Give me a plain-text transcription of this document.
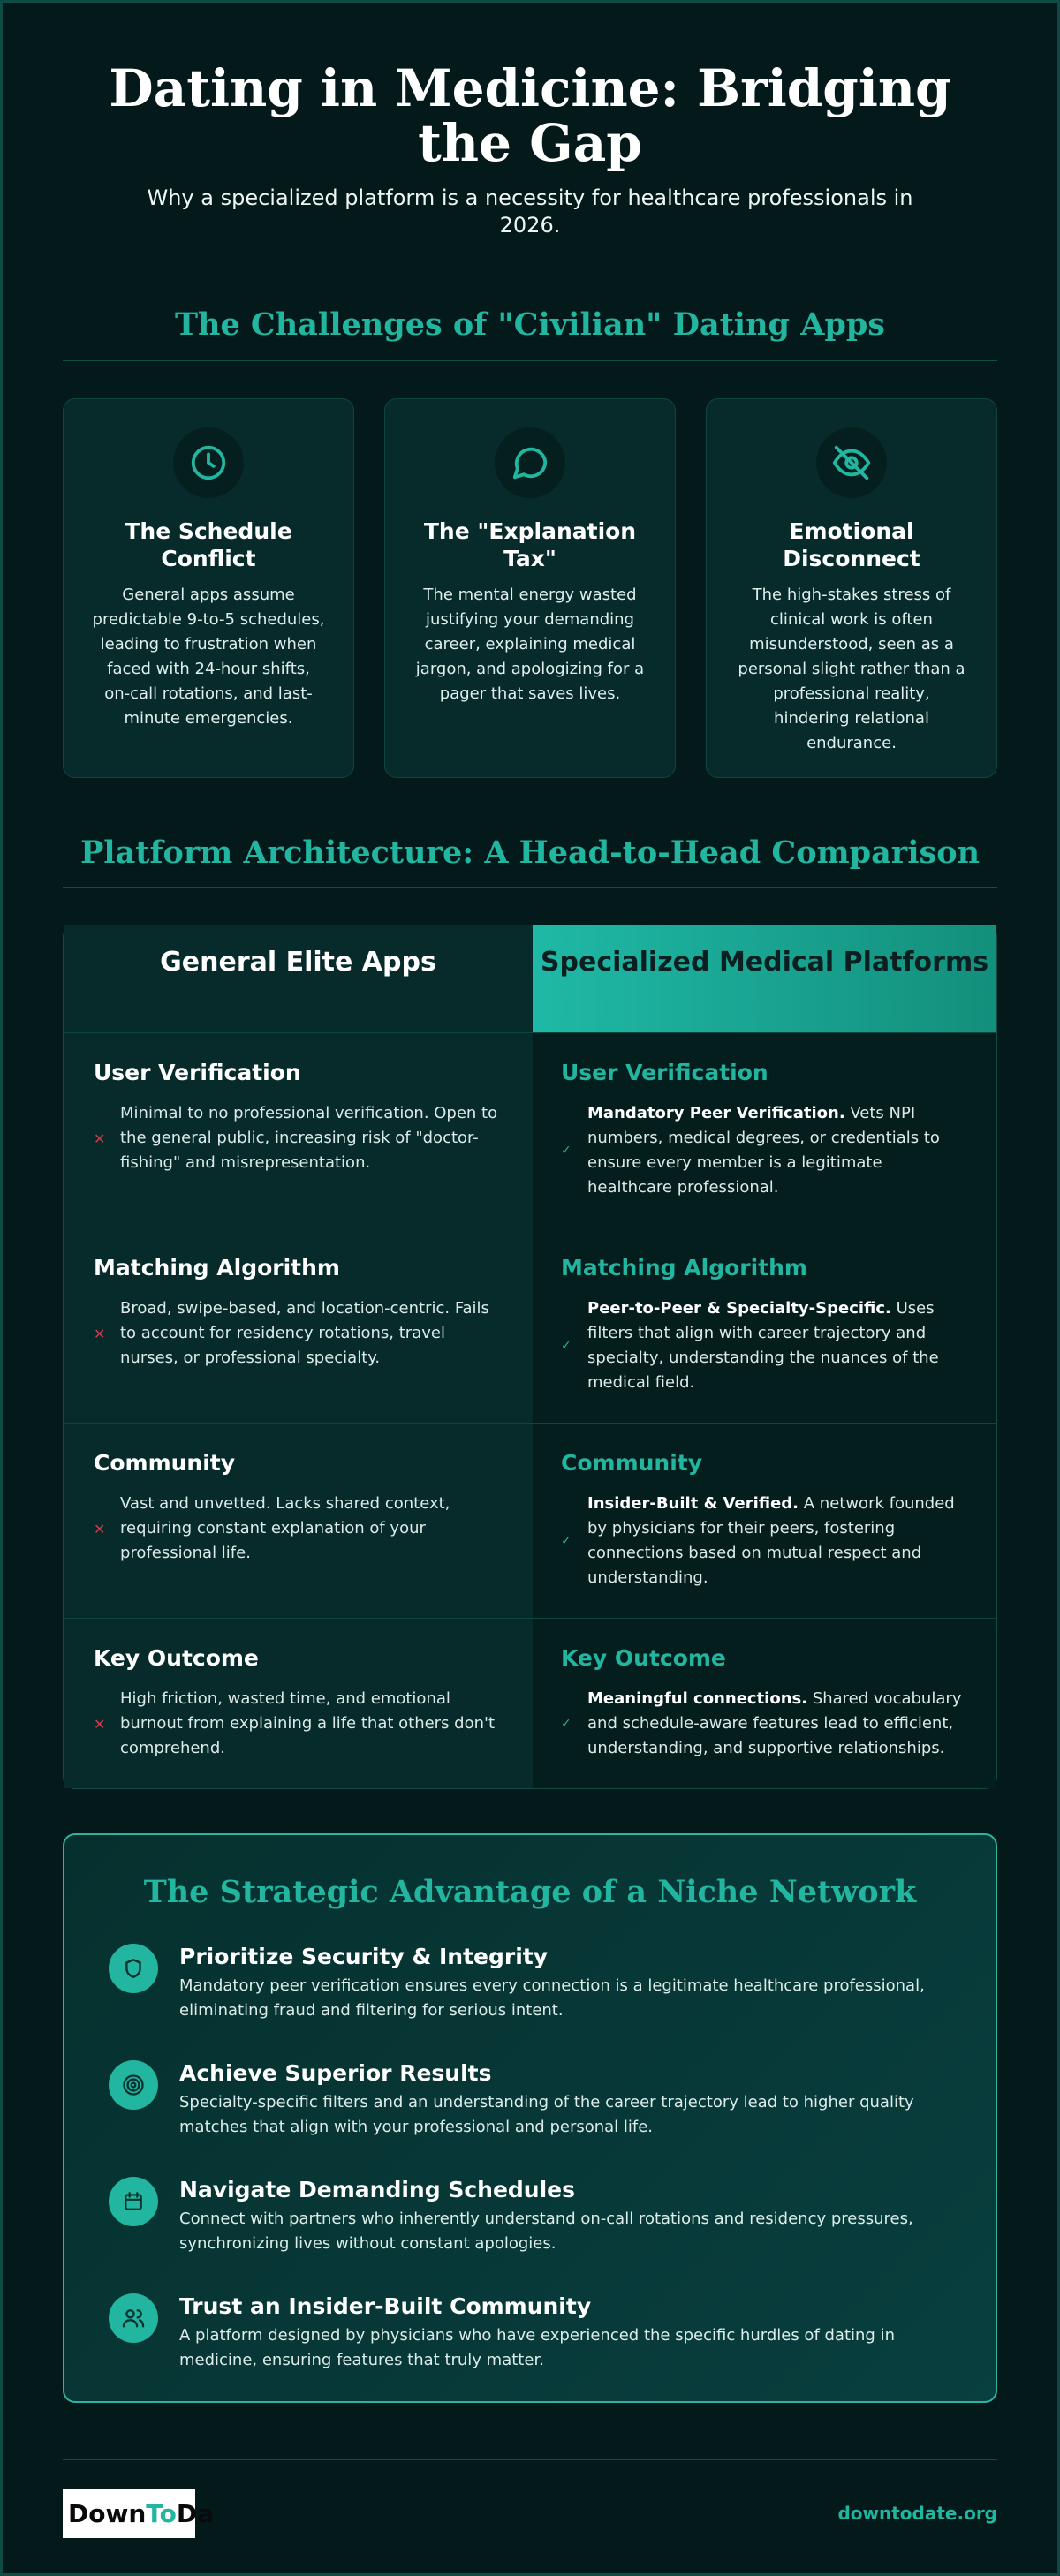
Dating in Medicine: Bridging the Gap

Why a specialized platform is a necessity for healthcare professionals in 2026.

The Challenges of "Civilian" Dating Apps
The Schedule Conflict
General apps assume predictable 9-to-5 schedules, leading to frustration when faced with 24-hour shifts, on-call rotations, and last-minute emergencies.
The "Explanation Tax"
The mental energy wasted justifying your demanding career, explaining medical jargon, and apologizing for a pager that saves lives.
Emotional Disconnect
The high-stakes stress of clinical work is often misunderstood, seen as a personal slight rather than a professional reality, hindering relational endurance.
Platform Architecture: A Head-to-Head Comparison
General Elite Apps	Specialized Medical Platforms
User Verification
✕
Minimal to no professional verification. Open to the general public, increasing risk of "doctor-fishing" and misrepresentation.
User Verification
✓
Mandatory Peer Verification. Vets NPI numbers, medical degrees, or credentials to ensure every member is a legitimate healthcare professional.
Matching Algorithm
✕
Broad, swipe-based, and location-centric. Fails to account for residency rotations, travel nurses, or professional specialty.
Matching Algorithm
✓
Peer-to-Peer & Specialty-Specific. Uses filters that align with career trajectory and specialty, understanding the nuances of the medical field.
Community
✕
Vast and unvetted. Lacks shared context, requiring constant explanation of your professional life.
Community
✓
Insider-Built & Verified. A network founded by physicians for their peers, fostering connections based on mutual respect and understanding.
Key Outcome
✕
High friction, wasted time, and emotional burnout from explaining a life that others don't comprehend.
Key Outcome
✓
Meaningful connections. Shared vocabulary and schedule-aware features lead to efficient, understanding, and supportive relationships.
The Strategic Advantage of a Niche Network
Prioritize Security & Integrity
Mandatory peer verification ensures every connection is a legitimate healthcare professional, eliminating fraud and filtering for serious intent.
Achieve Superior Results
Specialty-specific filters and an understanding of the career trajectory lead to higher quality matches that align with your professional and personal life.
Navigate Demanding Schedules
Connect with partners who inherently understand on-call rotations and residency pressures, synchronizing lives without constant apologies.
Trust an Insider-Built Community
A platform designed by physicians who have experienced the specific hurdles of dating in medicine, ensuring features that truly matter.
Down To Da	downtodate.org
